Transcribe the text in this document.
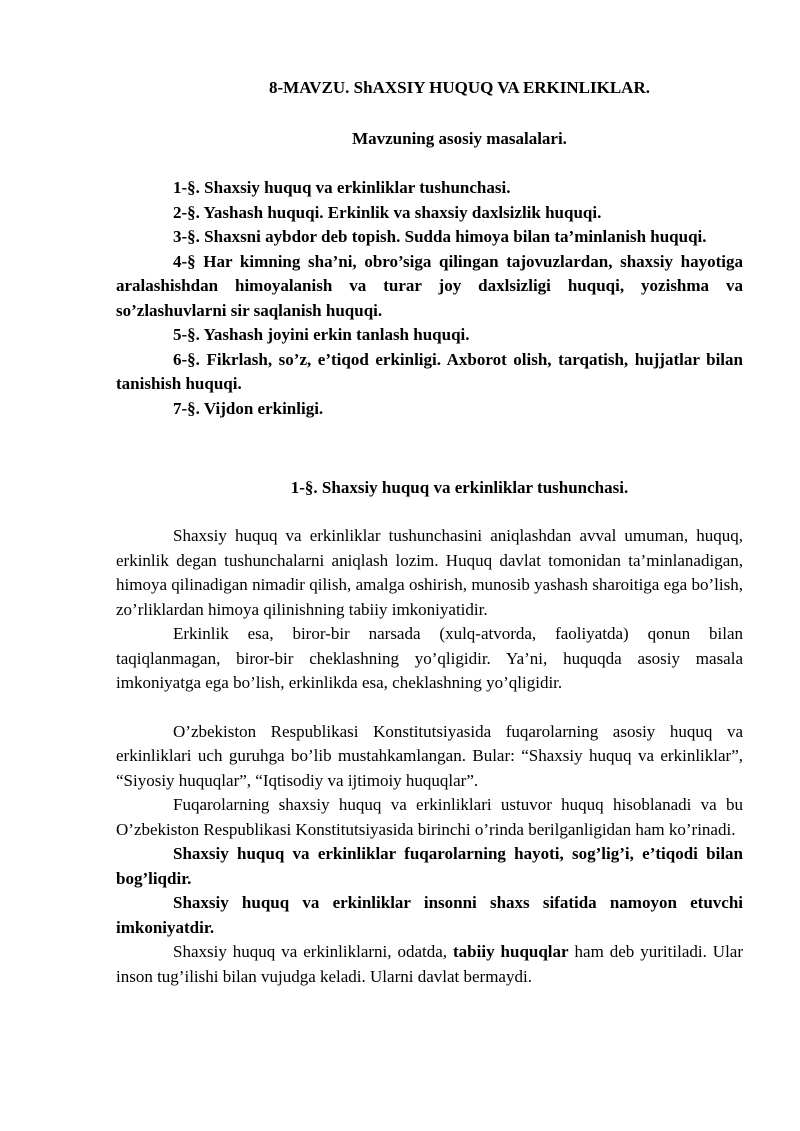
8-MAVZU. ShAXSIY HUQUQ VA ERKINLIKLAR.
Mavzuning asosiy masalalari.

1-§. Shaxsiy huquq va erkinliklar tushunchasi.

2-§. Yashash huquqi. Erkinlik va shaxsiy daxlsizlik huquqi.

3-§. Shaxsni aybdor deb topish. Sudda himoya bilan ta’minlanish huquqi.

4-§ Har kimning sha’ni, obro’siga qilingan tajovuzlardan, shaxsiy hayotiga aralashishdan himoyalanish va turar joy daxlsizligi huquqi, yozishma va so’zlashuvlarni sir saqlanish huquqi.

5-§. Yashash joyini erkin tanlash huquqi.

6-§. Fikrlash, so’z, e’tiqod erkinligi. Axborot olish, tarqatish, hujjatlar bilan tanishish huquqi.

7-§. Vijdon erkinligi.

1-§. Shaxsiy huquq va erkinliklar tushunchasi.

Shaxsiy huquq va erkinliklar tushunchasini aniqlashdan avval umuman, huquq, erkinlik degan tushunchalarni aniqlash lozim. Huquq davlat tomonidan ta’minlanadigan, himoya qilinadigan nimadir qilish, amalga oshirish, munosib yashash sharoitiga ega bo’lish, zo’rliklardan himoya qilinishning tabiiy imkoniyatidir.

Erkinlik esa, biror-bir narsada (xulq-atvorda, faoliyatda) qonun bilan taqiqlanmagan, biror-bir cheklashning yo’qligidir. Ya’ni, huquqda asosiy masala imkoniyatga ega bo’lish, erkinlikda esa, cheklashning yo’qligidir.

O’zbekiston Respublikasi Konstitutsiyasida fuqarolarning asosiy huquq va erkinliklari uch guruhga bo’lib mustahkamlangan. Bular: “Shaxsiy huquq va erkinliklar”, “Siyosiy huquqlar”, “Iqtisodiy va ijtimoiy huquqlar”.

Fuqarolarning shaxsiy huquq va erkinliklari ustuvor huquq hisoblanadi va bu O’zbekiston Respublikasi Konstitutsiyasida birinchi o’rinda berilganligidan ham ko’rinadi.

Shaxsiy huquq va erkinliklar fuqarolarning hayoti, sog’lig’i, e’tiqodi bilan bog’liqdir.

Shaxsiy huquq va erkinliklar insonni shaxs sifatida namoyon etuvchi imkoniyatdir.

Shaxsiy huquq va erkinliklarni, odatda, tabiiy huquqlar ham deb yuritiladi. Ular inson tug’ilishi bilan vujudga keladi. Ularni davlat bermaydi.
